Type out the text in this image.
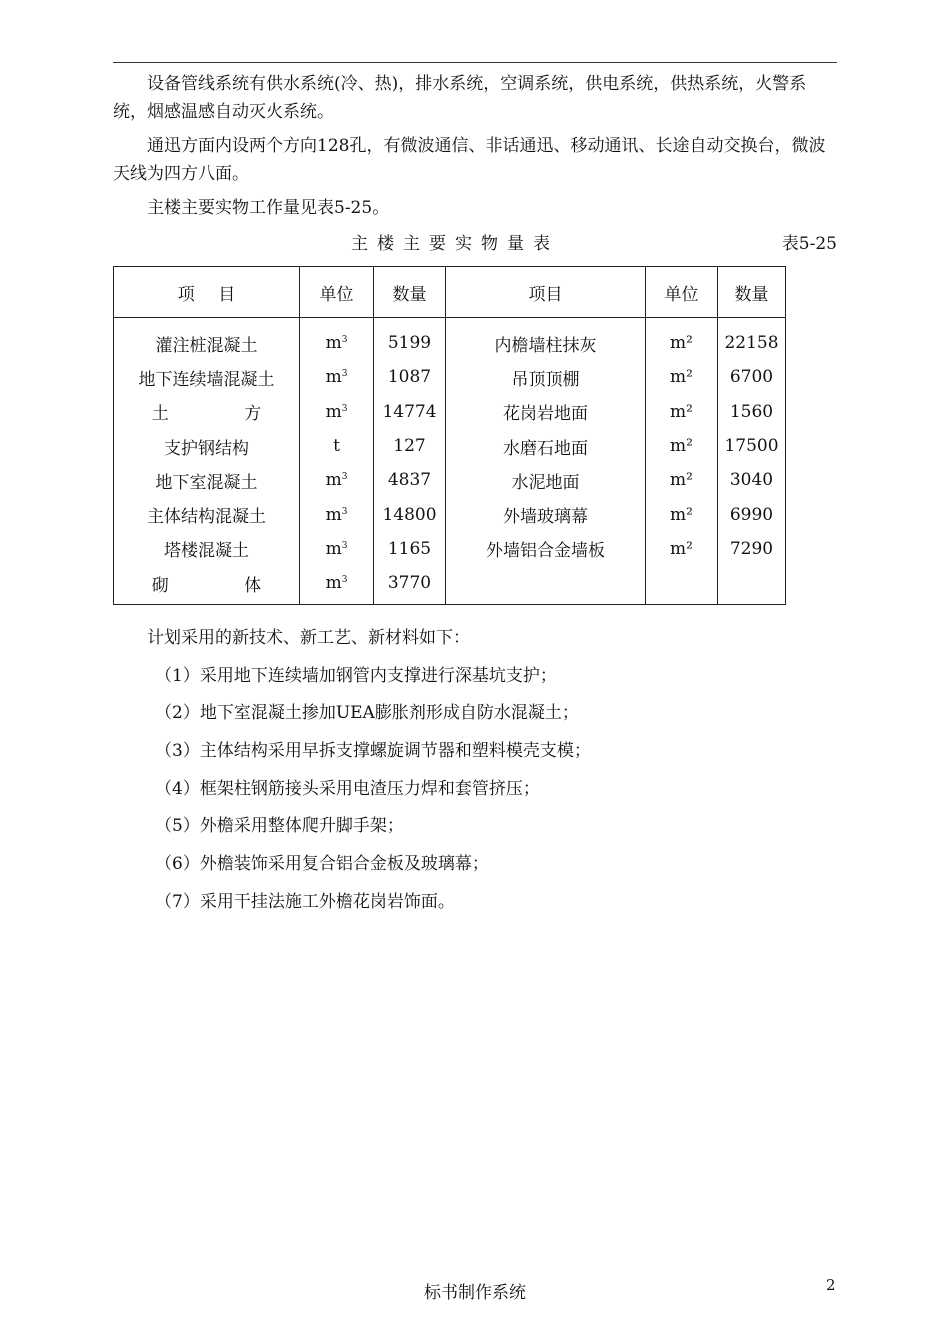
设备管线系统有供水系统(冷、热)，排水系统，空调系统，供电系统，供热系统，火警系统，烟感温感自动灭火系统。
通迅方面内设两个方向128孔，有微波通信、非话通迅、移动通讯、长途自动交换台，微波天线为四方八面。
主楼主要实物工作量见表5-25。
主楼主要实物量表	表5-25
项 目	单位	数量	项目	单位	数量
灌注桩混凝土	$m^3$	5199	内檐墙柱抹灰	m²	22158
地下连续墙混凝土	$m^3$	1087	吊顶顶棚	m²	6700
土 方	$m^3$	14774	花岗岩地面	m²	1560
支护钢结构	t	127	水磨石地面	m²	17500
地下室混凝土	$m^3$	4837	水泥地面	m²	3040
主体结构混凝土	$m^3$	14800	外墙玻璃幕	m²	6990
塔楼混凝土	$m^3$	1165	外墙铝合金墙板	m²	7290
砌 体	$m^3$	3770			
计划采用的新技术、新工艺、新材料如下：
（1）采用地下连续墙加钢管内支撑进行深基坑支护；
（2）地下室混凝土掺加UEA膨胀剂形成自防水混凝土；
（3）主体结构采用早拆支撑螺旋调节器和塑料模壳支模；
（4）框架柱钢筋接头采用电渣压力焊和套管挤压；
（5）外檐采用整体爬升脚手架；
（6）外檐装饰采用复合铝合金板及玻璃幕；
（7）采用干挂法施工外檐花岗岩饰面。
标书制作系统	2
